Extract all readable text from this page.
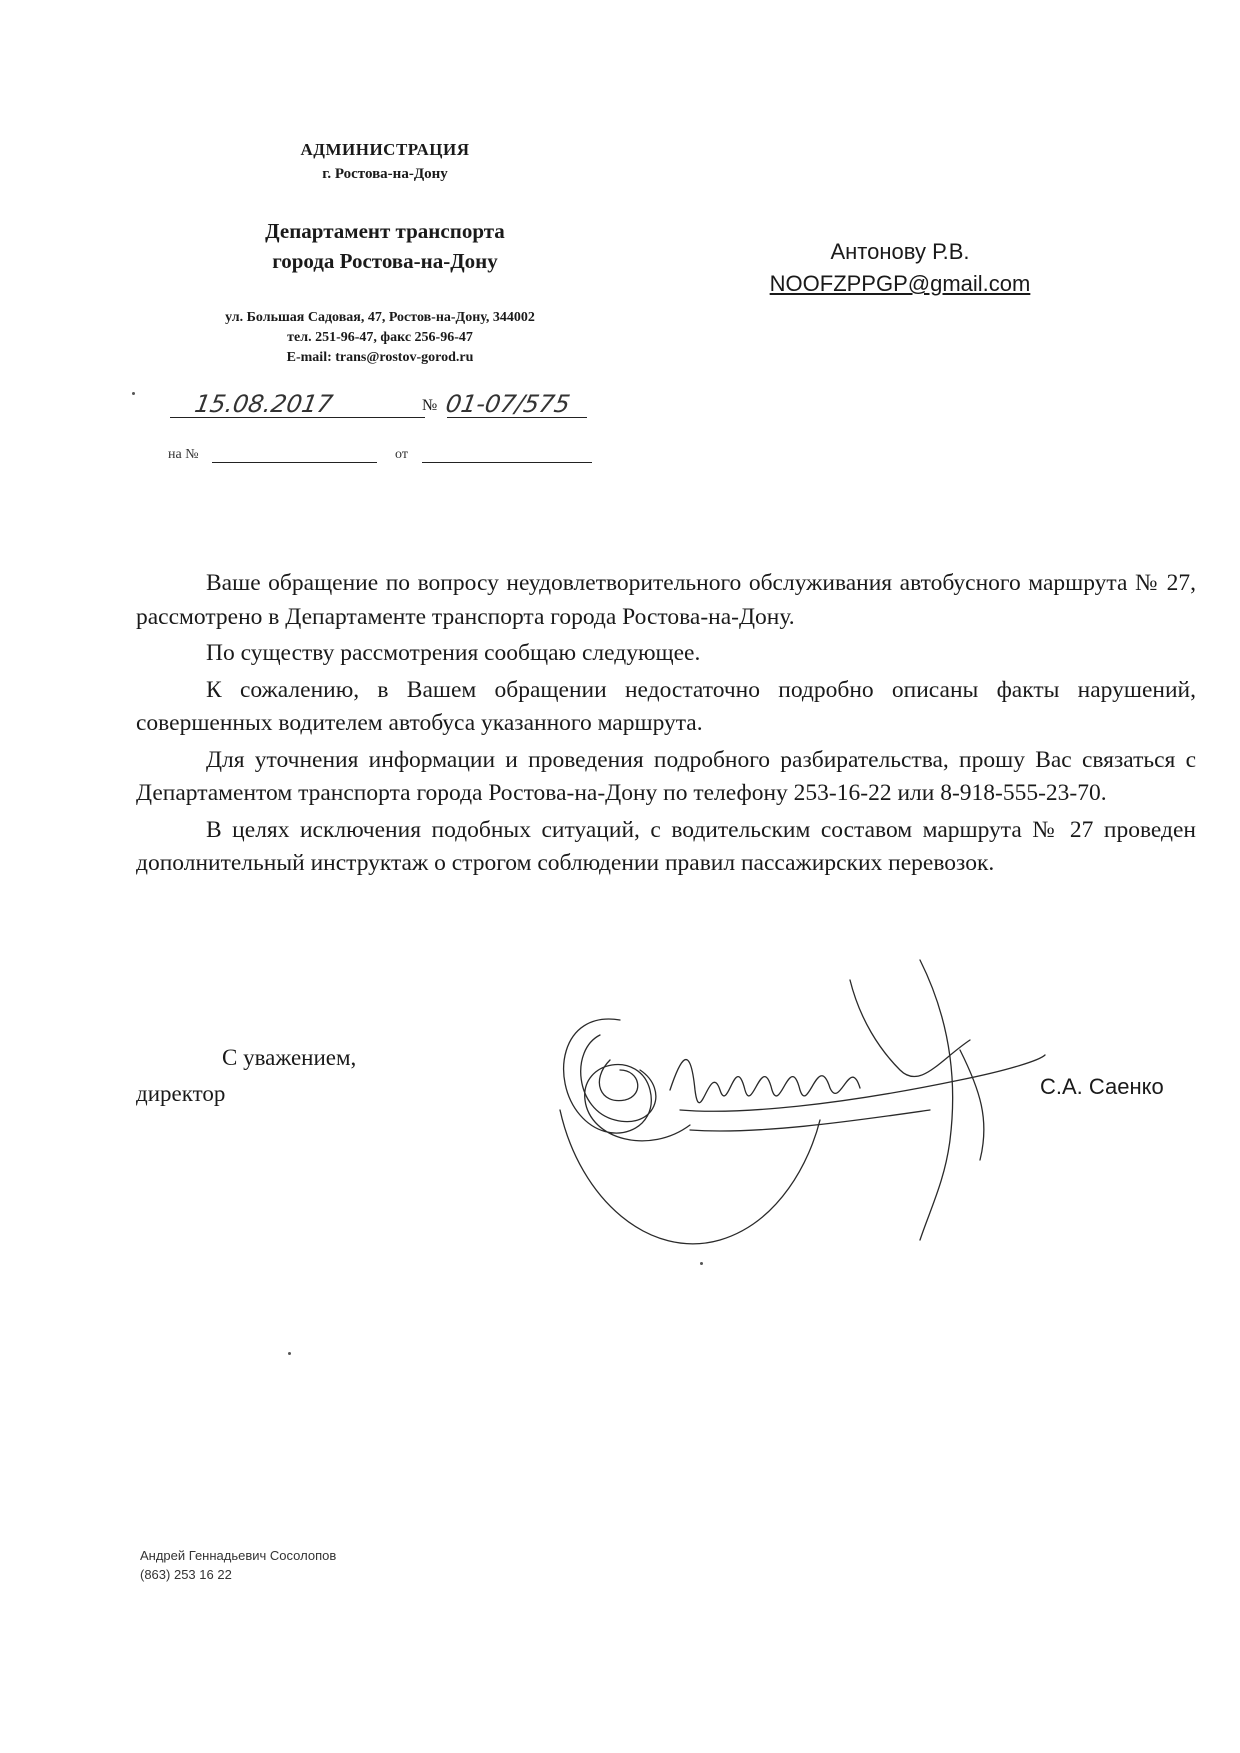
АДМИНИСТРАЦИЯ
г. Ростова-на-Дону
Департамент транспорта
города Ростова-на-Дону
ул. Большая Садовая, 47, Ростов-на-Дону, 344002
тел. 251-96-47, факс 256-96-47
E-mail: trans@rostov-gorod.ru
Антонову Р.В.
NOOFZPPGP@gmail.com
15.08.2017	№ 01-07/575
на №	от

Ваше обращение по вопросу неудовлетворительного обслуживания автобусного маршрута № 27, рассмотрено в Департаменте транспорта города Ростова-на-Дону.

По существу рассмотрения сообщаю следующее.

К сожалению, в Вашем обращении недостаточно подробно описаны факты нарушений, совершенных водителем автобуса указанного маршрута.

Для уточнения информации и проведения подробного разбирательства, прошу Вас связаться с Департаментом транспорта города Ростова-на-Дону по телефону 253-16-22 или 8-918-555-23-70.

В целях исключения подобных ситуаций, с водительским составом маршрута № 27 проведен дополнительный инструктаж о строгом соблюдении правил пассажирских перевозок.

С уважением,
директор	С.А. Саенко
Андрей Геннадьевич Сосолопов
(863) 253 16 22
